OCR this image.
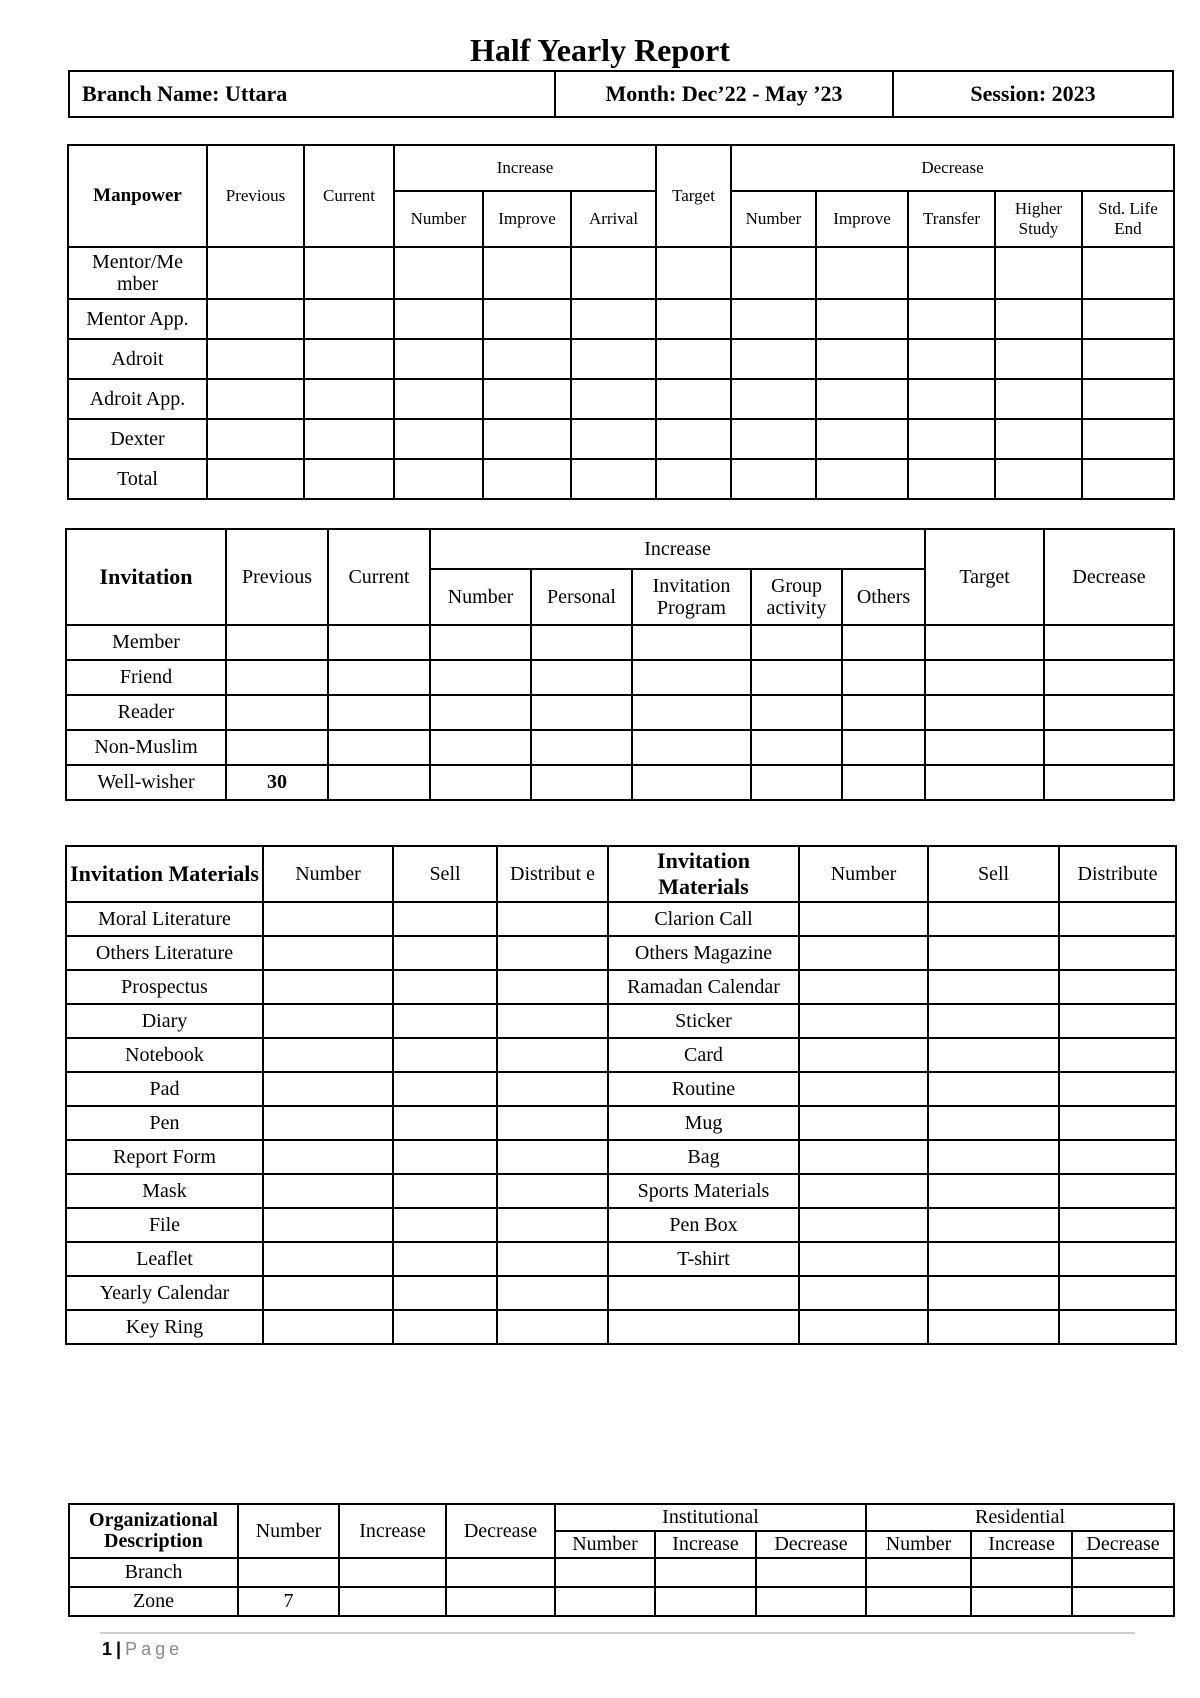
Half Yearly Report
Branch Name: Uttara	Month: Dec’22 - May ’23	Session: 2023
Manpower	Previous	Current	Increase			Target	Decrease				
			Number	Improve	Arrival		Number	Improve	Transfer	Higher Study	Std. Life End
Mentor/Me mber											
Mentor App.											
Adroit											
Adroit App.											
Dexter											
Total											
Invitation	Previous	Current	Increase					Target	Decrease
			Number	Personal	Invitation Program	Group activity	Others		
Member									
Friend									
Reader									
Non-Muslim									
Well-wisher	30								
Invitation Materials	Number	Sell	Distribut e	Invitation Materials	Number	Sell	Distribute
Moral Literature				Clarion Call			
Others Literature				Others Magazine			
Prospectus				Ramadan Calendar			
Diary				Sticker			
Notebook				Card			
Pad				Routine			
Pen				Mug			
Report Form				Bag			
Mask				Sports Materials			
File				Pen Box			
Leaflet				T-shirt			
Yearly Calendar							
Key Ring							
Organizational Description	Number	Increase	Decrease	Institutional			Residential		
				Number	Increase	Decrease	Number	Increase	Decrease
Branch									
Zone	7								
1 | Page
